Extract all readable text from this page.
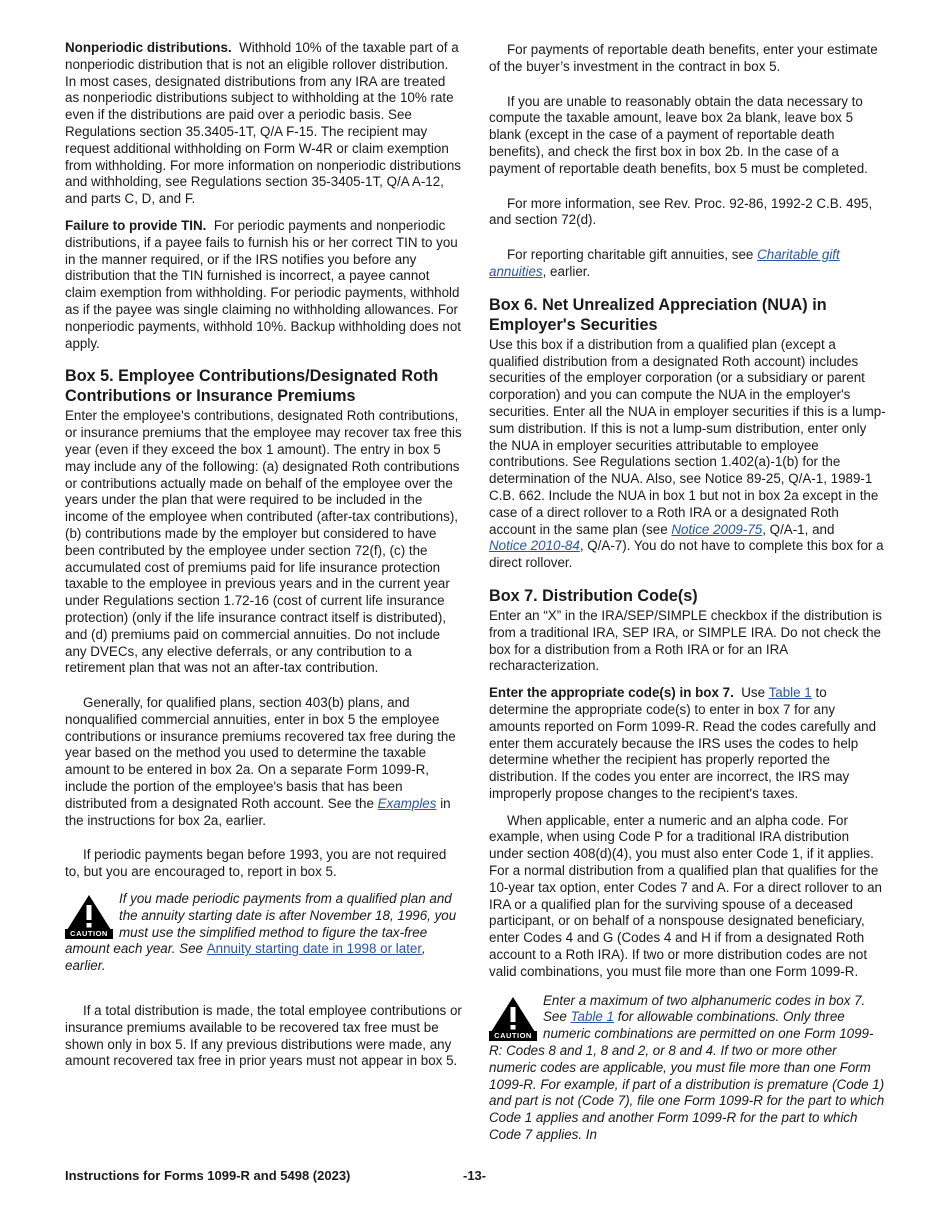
Nonperiodic distributions. Withhold 10% of the taxable part of a nonperiodic distribution that is not an eligible rollover distribution. In most cases, designated distributions from any IRA are treated as nonperiodic distributions subject to withholding at the 10% rate even if the distributions are paid over a periodic basis. See Regulations section 35.3405-1T, Q/A F-15. The recipient may request additional withholding on Form W-4R or claim exemption from withholding. For more information on nonperiodic distributions and withholding, see Regulations section 35-3405-1T, Q/A A-12, and parts C, D, and F.

Failure to provide TIN. For periodic payments and nonperiodic distributions, if a payee fails to furnish his or her correct TIN to you in the manner required, or if the IRS notifies you before any distribution that the TIN furnished is incorrect, a payee cannot claim exemption from withholding. For periodic payments, withhold as if the payee was single claiming no withholding allowances. For nonperiodic payments, withhold 10%. Backup withholding does not apply.

Box 5. Employee Contributions/Designated Roth Contributions or Insurance Premiums

Enter the employee's contributions, designated Roth contributions, or insurance premiums that the employee may recover tax free this year (even if they exceed the box 1 amount). The entry in box 5 may include any of the following: (a) designated Roth contributions or contributions actually made on behalf of the employee over the years under the plan that were required to be included in the income of the employee when contributed (after-tax contributions), (b) contributions made by the employer but considered to have been contributed by the employee under section 72(f), (c) the accumulated cost of premiums paid for life insurance protection taxable to the employee in previous years and in the current year under Regulations section 1.72-16 (cost of current life insurance protection) (only if the life insurance contract itself is distributed), and (d) premiums paid on commercial annuities. Do not include any DVECs, any elective deferrals, or any contribution to a retirement plan that was not an after-tax contribution.

Generally, for qualified plans, section 403(b) plans, and nonqualified commercial annuities, enter in box 5 the employee contributions or insurance premiums recovered tax free during the year based on the method you used to determine the taxable amount to be entered in box 2a. On a separate Form 1099-R, include the portion of the employee's basis that has been distributed from a designated Roth account. See the Examples in the instructions for box 2a, earlier.

If periodic payments began before 1993, you are not required to, but you are encouraged to, report in box 5.

CAUTION
If you made periodic payments from a qualified plan and the annuity starting date is after November 18, 1996, you must use the simplified method to figure the tax-free amount each year. See Annuity starting date in 1998 or later, earlier.

If a total distribution is made, the total employee contributions or insurance premiums available to be recovered tax free must be shown only in box 5. If any previous distributions were made, any amount recovered tax free in prior years must not appear in box 5.

For payments of reportable death benefits, enter your estimate of the buyer’s investment in the contract in box 5.

If you are unable to reasonably obtain the data necessary to compute the taxable amount, leave box 2a blank, leave box 5 blank (except in the case of a payment of reportable death benefits), and check the first box in box 2b. In the case of a payment of reportable death benefits, box 5 must be completed.

For more information, see Rev. Proc. 92-86, 1992-2 C.B. 495, and section 72(d).

For reporting charitable gift annuities, see Charitable gift annuities, earlier.

Box 6. Net Unrealized Appreciation (NUA) in Employer's Securities

Use this box if a distribution from a qualified plan (except a qualified distribution from a designated Roth account) includes securities of the employer corporation (or a subsidiary or parent corporation) and you can compute the NUA in the employer's securities. Enter all the NUA in employer securities if this is a lump-sum distribution. If this is not a lump-sum distribution, enter only the NUA in employer securities attributable to employee contributions. See Regulations section 1.402(a)-1(b) for the determination of the NUA. Also, see Notice 89-25, Q/A-1, 1989-1 C.B. 662. Include the NUA in box 1 but not in box 2a except in the case of a direct rollover to a Roth IRA or a designated Roth account in the same plan (see Notice 2009-75, Q/A-1, and
Notice 2010-84, Q/A-7). You do not have to complete this box for a direct rollover.

Box 7. Distribution Code(s)

Enter an “X” in the IRA/SEP/SIMPLE checkbox if the distribution is from a traditional IRA, SEP IRA, or SIMPLE IRA. Do not check the box for a distribution from a Roth IRA or for an IRA recharacterization.

Enter the appropriate code(s) in box 7. Use Table 1 to determine the appropriate code(s) to enter in box 7 for any amounts reported on Form 1099-R. Read the codes carefully and enter them accurately because the IRS uses the codes to help determine whether the recipient has properly reported the distribution. If the codes you enter are incorrect, the IRS may improperly propose changes to the recipient's taxes.

When applicable, enter a numeric and an alpha code. For example, when using Code P for a traditional IRA distribution under section 408(d)(4), you must also enter Code 1, if it applies. For a normal distribution from a qualified plan that qualifies for the 10-year tax option, enter Codes 7 and A. For a direct rollover to an IRA or a qualified plan for the surviving spouse of a deceased participant, or on behalf of a nonspouse designated beneficiary, enter Codes 4 and G (Codes 4 and H if from a designated Roth account to a Roth IRA). If two or more distribution codes are not valid combinations, you must file more than one Form 1099-R.

CAUTION
Enter a maximum of two alphanumeric codes in box 7. See Table 1 for allowable combinations. Only three numeric combinations are permitted on one Form 1099-R: Codes 8 and 1, 8 and 2, or 8 and 4. If two or more other numeric codes are applicable, you must file more than one Form 1099-R. For example, if part of a distribution is premature (Code 1) and part is not (Code 7), file one Form 1099-R for the part to which Code 1 applies and another Form 1099-R for the part to which Code 7 applies. In
Instructions for Forms 1099-R and 5498 (2023)	-13-
